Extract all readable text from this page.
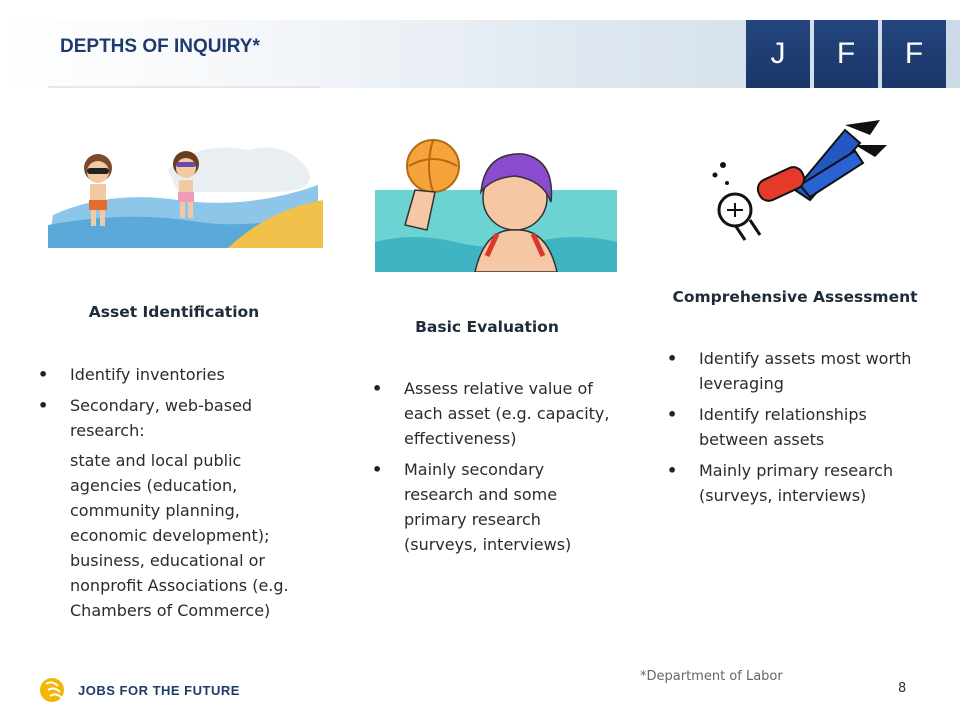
DEPTHS OF INQUIRY*	J	F	F
Asset Identification
• Identify inventories
• Secondary, web-based research:
state and local public agencies (education, community planning, economic development); business, educational or nonprofit Associations (e.g. Chambers of Commerce)
Basic Evaluation
• Assess relative value of each asset (e.g. capacity, effectiveness)
• Mainly secondary research and some primary research (surveys, interviews)
Comprehensive Assessment
• Identify assets most worth leveraging
• Identify relationships between assets
• Mainly primary research (surveys, interviews)
JOBS FOR THE FUTURE
*Department of Labor
8
